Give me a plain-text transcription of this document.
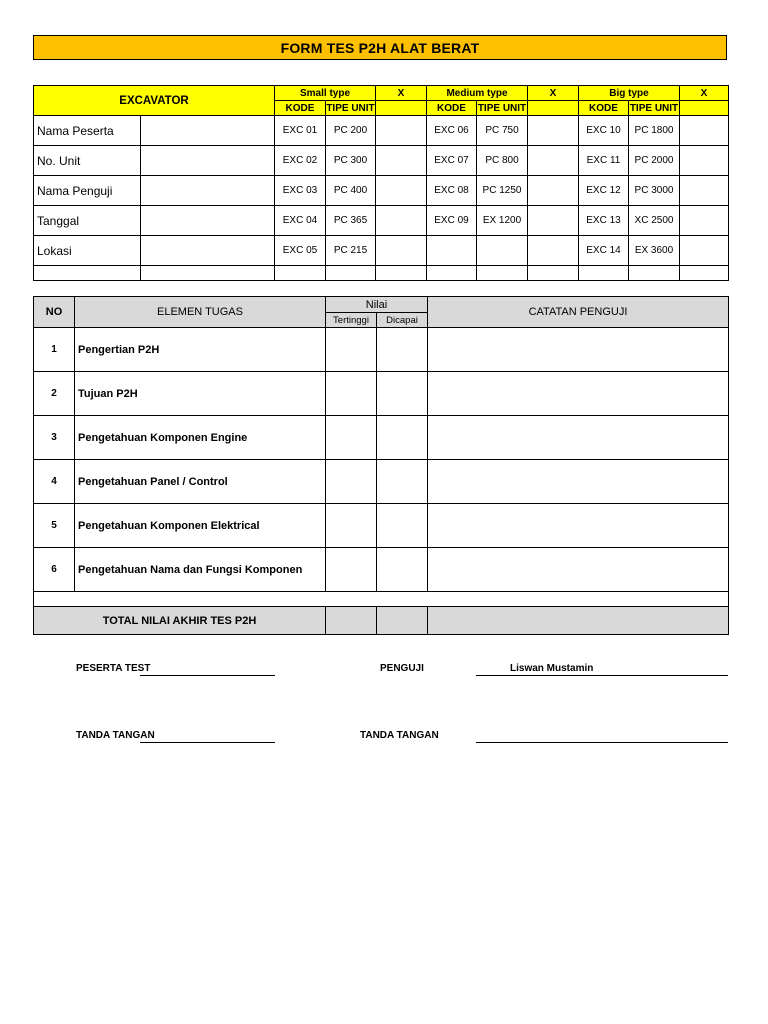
FORM TES P2H ALAT BERAT
EXCAVATOR		Small type		X	Medium type		X	Big type		X
		KODE	TIPE UNIT		KODE	TIPE UNIT		KODE	TIPE UNIT	
Nama Peserta		EXC 01	PC 200		EXC 06	PC 750		EXC 10	PC 1800	
No. Unit		EXC 02	PC 300		EXC 07	PC 800		EXC 11	PC 2000	
Nama Penguji		EXC 03	PC 400		EXC 08	PC 1250		EXC 12	PC 3000	
Tanggal		EXC 04	PC 365		EXC 09	EX 1200		EXC 13	XC 2500	
Lokasi		EXC 05	PC 215					EXC 14	EX 3600	

NO	ELEMEN TUGAS	Nilai		CATATAN PENGUJI
		Tertinggi	Dicapai	
1	Pengertian P2H			
2	Tujuan P2H			
3	Pengetahuan Komponen Engine			
4	Pengetahuan Panel / Control			
5	Pengetahuan Komponen Elektrical			
6	Pengetahuan Nama dan Fungsi Komponen			

TOTAL NILAI AKHIR TES P2H				
PESERTA TEST	PENGUJI	Liswan Mustamin
TANDA TANGAN	TANDA TANGAN
